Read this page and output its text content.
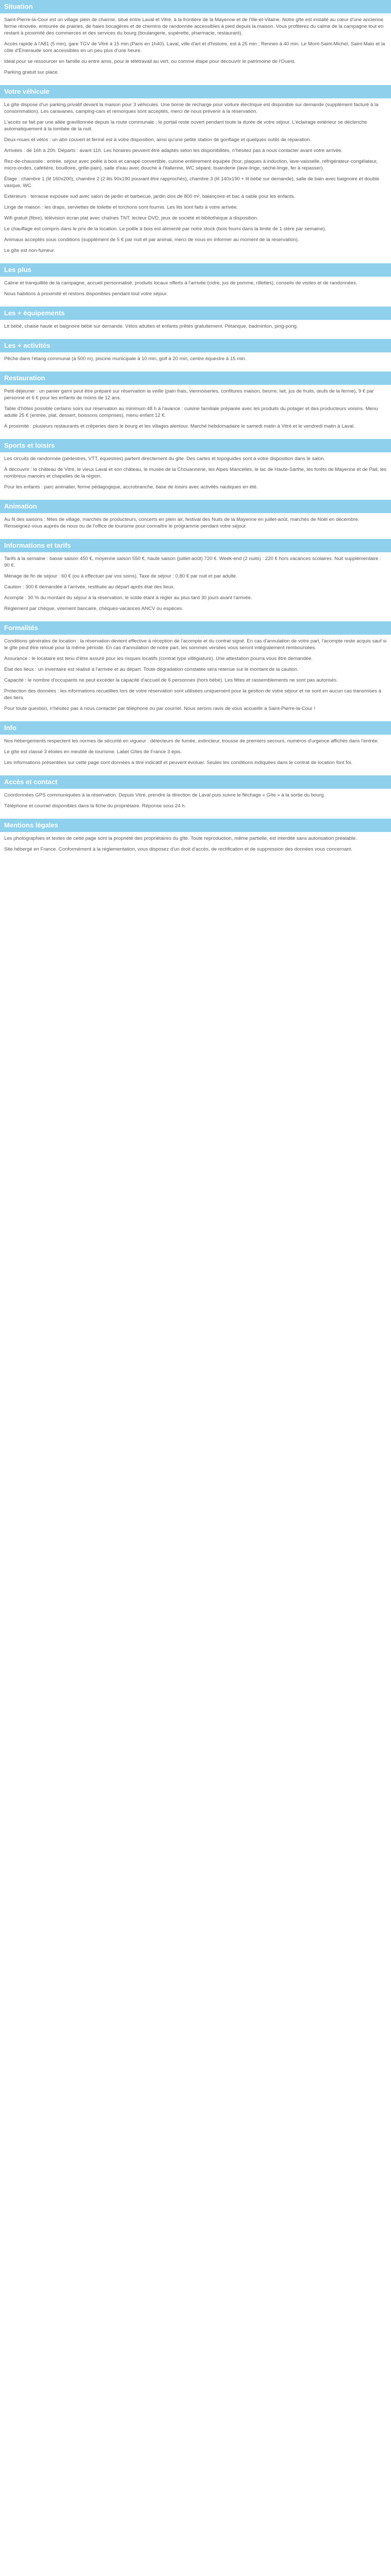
Situation

Saint-Pierre-la-Cour est un village plein de charme, situé entre Laval et Vitré, à la frontière de la Mayenne et de l'Ille-et-Vilaine. Notre gîte est installé au cœur d'une ancienne ferme rénovée, entourée de prairies, de haies bocagères et de chemins de randonnée accessibles à pied depuis la maison. Vous profiterez du calme de la campagne tout en restant à proximité des commerces et des services du bourg (boulangerie, supérette, pharmacie, restaurant).

Accès rapide à l'A81 (5 min), gare TGV de Vitré à 15 min (Paris en 1h40). Laval, ville d'art et d'histoire, est à 25 min ; Rennes à 40 min. Le Mont-Saint-Michel, Saint-Malo et la côte d'Émeraude sont accessibles en un peu plus d'une heure.

Idéal pour se ressourcer en famille ou entre amis, pour le télétravail au vert, ou comme étape pour découvrir le patrimoine de l'Ouest.

Parking gratuit sur place.

Votre véhicule

Le gîte dispose d'un parking privatif devant la maison pour 3 véhicules. Une borne de recharge pour voiture électrique est disponible sur demande (supplément facturé à la consommation). Les caravanes, camping-cars et remorques sont acceptés, merci de nous prévenir à la réservation.

L'accès se fait par une allée gravillonnée depuis la route communale ; le portail reste ouvert pendant toute la durée de votre séjour. L'éclairage extérieur se déclenche automatiquement à la tombée de la nuit.

Deux-roues et vélos : un abri couvert et fermé est à votre disposition, ainsi qu'une petite station de gonflage et quelques outils de réparation.

Arrivées : de 16h à 20h. Départs : avant 11h. Les horaires peuvent être adaptés selon les disponibilités, n'hésitez pas à nous contacter avant votre arrivée.

Rez-de-chaussée : entrée, séjour avec poêle à bois et canapé convertible, cuisine entièrement équipée (four, plaques à induction, lave-vaisselle, réfrigérateur-congélateur, micro-ondes, cafetière, bouilloire, grille-pain), salle d'eau avec douche à l'italienne, WC séparé, buanderie (lave-linge, sèche-linge, fer à repasser).

Étage : chambre 1 (lit 160x200), chambre 2 (2 lits 90x190 pouvant être rapprochés), chambre 3 (lit 140x190 + lit bébé sur demande), salle de bain avec baignoire et double vasque, WC.

Extérieurs : terrasse exposée sud avec salon de jardin et barbecue, jardin clos de 800 m², balançoire et bac à sable pour les enfants.

Linge de maison : les draps, serviettes de toilette et torchons sont fournis. Les lits sont faits à votre arrivée.

Wifi gratuit (fibre), télévision écran plat avec chaînes TNT, lecteur DVD, jeux de société et bibliothèque à disposition.

Le chauffage est compris dans le prix de la location. Le poêle à bois est alimenté par notre stock (bois fourni dans la limite de 1 stère par semaine).

Animaux acceptés sous conditions (supplément de 5 € par nuit et par animal, merci de nous en informer au moment de la réservation).

Le gîte est non-fumeur.

Les plus

Calme et tranquillité de la campagne, accueil personnalisé, produits locaux offerts à l'arrivée (cidre, jus de pomme, rillettes), conseils de visites et de randonnées.

Nous habitons à proximité et restons disponibles pendant tout votre séjour.

Les + équipements

Lit bébé, chaise haute et baignoire bébé sur demande. Vélos adultes et enfants prêtés gratuitement. Pétanque, badminton, ping-pong.

Les + activités

Pêche dans l'étang communal (à 500 m), piscine municipale à 10 min, golf à 20 min, centre équestre à 15 min.

Restauration

Petit-déjeuner : un panier garni peut être préparé sur réservation la veille (pain frais, viennoiseries, confitures maison, beurre, lait, jus de fruits, œufs de la ferme), 9 € par personne et 6 € pour les enfants de moins de 12 ans.

Table d'hôtes possible certains soirs sur réservation au minimum 48 h à l'avance : cuisine familiale préparée avec les produits du potager et des producteurs voisins. Menu adulte 25 € (entrée, plat, dessert, boissons comprises), menu enfant 12 €.

À proximité : plusieurs restaurants et crêperies dans le bourg et les villages alentour. Marché hebdomadaire le samedi matin à Vitré et le vendredi matin à Laval.

Sports et loisirs

Les circuits de randonnée (pédestres, VTT, équestres) partent directement du gîte. Des cartes et topoguides sont à votre disposition dans le salon.

À découvrir : le château de Vitré, le vieux Laval et son château, le musée de la Chouannerie, les Alpes Mancelles, le lac de Haute-Sarthe, les forêts de Mayenne et de Pail, les nombreux manoirs et chapelles de la région.

Pour les enfants : parc animalier, ferme pédagogique, accrobranche, base de loisirs avec activités nautiques en été.

Animation

Au fil des saisons : fêtes de village, marchés de producteurs, concerts en plein air, festival des Nuits de la Mayenne en juillet-août, marchés de Noël en décembre. Renseignez-vous auprès de nous ou de l'office de tourisme pour connaître le programme pendant votre séjour.

Informations et tarifs

Tarifs à la semaine : basse saison 450 €, moyenne saison 550 €, haute saison (juillet-août) 720 €. Week-end (2 nuits) : 220 € hors vacances scolaires. Nuit supplémentaire : 90 €.

Ménage de fin de séjour : 60 € (ou à effectuer par vos soins). Taxe de séjour : 0,80 € par nuit et par adulte.

Caution : 300 € demandée à l'arrivée, restituée au départ après état des lieux.

Acompte : 30 % du montant du séjour à la réservation, le solde étant à régler au plus tard 30 jours avant l'arrivée.

Règlement par chèque, virement bancaire, chèques-vacances ANCV ou espèces.

Formalités

Conditions générales de location : la réservation devient effective à réception de l'acompte et du contrat signé. En cas d'annulation de votre part, l'acompte reste acquis sauf si le gîte peut être reloué pour la même période. En cas d'annulation de notre part, les sommes versées vous seront intégralement remboursées.

Assurance : le locataire est tenu d'être assuré pour les risques locatifs (contrat type villégiature). Une attestation pourra vous être demandée.

État des lieux : un inventaire est réalisé à l'arrivée et au départ. Toute dégradation constatée sera retenue sur le montant de la caution.

Capacité : le nombre d'occupants ne peut excéder la capacité d'accueil de 6 personnes (hors bébé). Les fêtes et rassemblements ne sont pas autorisés.

Protection des données : les informations recueillies lors de votre réservation sont utilisées uniquement pour la gestion de votre séjour et ne sont en aucun cas transmises à des tiers.

Pour toute question, n'hésitez pas à nous contacter par téléphone ou par courriel. Nous serons ravis de vous accueillir à Saint-Pierre-la-Cour !

Info

Nos hébergements respectent les normes de sécurité en vigueur : détecteurs de fumée, extincteur, trousse de premiers secours, numéros d'urgence affichés dans l'entrée.

Le gîte est classé 3 étoiles en meublé de tourisme. Label Gîtes de France 3 épis.

Les informations présentées sur cette page sont données à titre indicatif et peuvent évoluer. Seules les conditions indiquées dans le contrat de location font foi.

Accès et contact

Coordonnées GPS communiquées à la réservation. Depuis Vitré, prendre la direction de Laval puis suivre le fléchage « Gîte » à la sortie du bourg.

Téléphone et courriel disponibles dans la fiche du propriétaire. Réponse sous 24 h.

Mentions légales

Les photographies et textes de cette page sont la propriété des propriétaires du gîte. Toute reproduction, même partielle, est interdite sans autorisation préalable.

Site hébergé en France. Conformément à la réglementation, vous disposez d'un droit d'accès, de rectification et de suppression des données vous concernant.
